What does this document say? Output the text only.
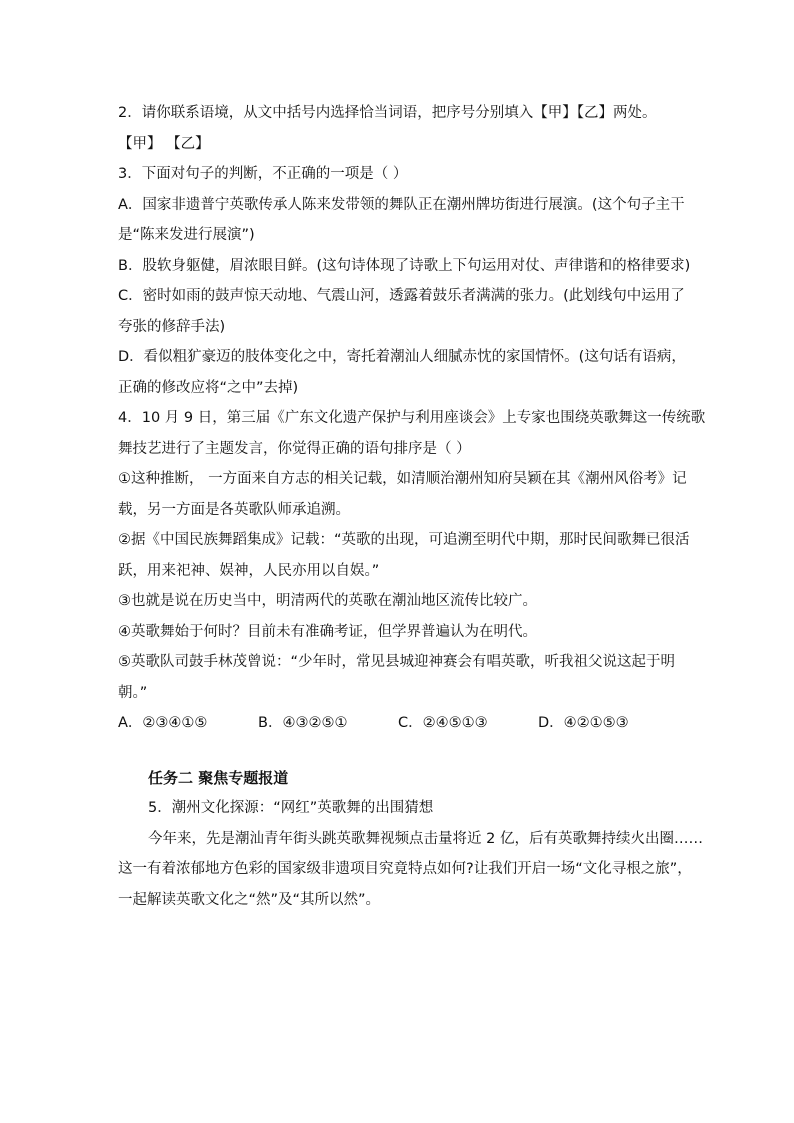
2．请你联系语境，从文中括号内选择恰当词语，把序号分别填入【甲】【乙】两处。
【甲】 【乙】
3．下面对句子的判断，不正确的一项是（ ）
A．国家非遗普宁英歌传承人陈来发带领的舞队正在潮州牌坊街进行展演。(这个句子主干
是“陈来发进行展演”)
B．股软身躯健，眉浓眼目鲜。(这句诗体现了诗歌上下句运用对仗、声律谐和的格律要求)
C．密时如雨的鼓声惊天动地、气震山河，透露着鼓乐者满满的张力。(此划线句中运用了
夸张的修辞手法)
D．看似粗犷豪迈的肢体变化之中，寄托着潮汕人细腻赤忱的家国情怀。(这句话有语病，
正确的修改应将“之中”去掉)
4．10 月 9 日，第三届《广东文化遗产保护与利用座谈会》上专家也围绕英歌舞这一传统歌
舞技艺进行了主题发言，你觉得正确的语句排序是（ ）
①这种推断， 一方面来自方志的相关记载，如清顺治潮州知府吴颖在其《潮州风俗考》记
载，另一方面是各英歌队师承追溯。
②据《中国民族舞蹈集成》记载：“英歌的出现，可追溯至明代中期，那时民间歌舞已很活
跃，用来祀神、娱神，人民亦用以自娱。”
③也就是说在历史当中，明清两代的英歌在潮汕地区流传比较广。
④英歌舞始于何时？目前未有准确考证，但学界普遍认为在明代。
⑤英歌队司鼓手林茂曾说：“少年时，常见县城迎神赛会有唱英歌，听我祖父说这起于明
朝。”
A．②③④①⑤	B．④③②⑤①	C．②④⑤①③	D．④②①⑤③
任务二 聚焦专题报道
5．潮州文化探源：“网红”英歌舞的出围猜想
今年来，先是潮汕青年街头跳英歌舞视频点击量将近 2 亿，后有英歌舞持续火出圈……
这一有着浓郁地方色彩的国家级非遗项目究竟特点如何?让我们开启一场“文化寻根之旅”，
一起解读英歌文化之“然”及“其所以然”。
